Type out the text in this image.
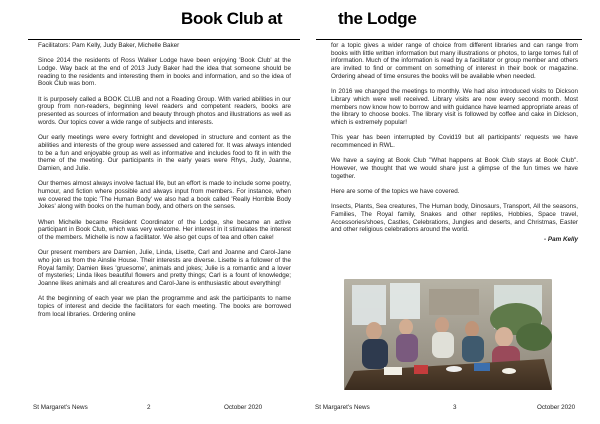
Book Club at	the Lodge

Facilitators: Pam Kelly, Judy Baker, Michelle Baker

Since 2014 the residents of Ross Walker Lodge have been enjoying 'Book Club' at the Lodge. Way back at the end of 2013 Judy Baker had the idea that someone should be reading to the residents and interesting them in books and information, and so the idea of Book Club was born.

It is purposely called a BOOK CLUB and not a Reading Group. With varied abilities in our group from non-readers, beginning level readers and competent readers, books are presented as sources of information and beauty through photos and illustrations as well as words. Our topics cover a wide range of subjects and interests.

Our early meetings were every fortnight and developed in structure and content as the abilities and interests of the group were assessed and catered for. It was always intended to be a fun and enjoyable group as well as informative and includes food to fit in with the theme of the meeting. Our participants in the early years were Rhys, Judy, Joanne, Damien, and Julie.

Our themes almost always involve factual life, but an effort is made to include some poetry, humour, and fiction where possible and always input from members. For instance, when we covered the topic 'The Human Body' we also had a book called 'Really Horrible Body Jokes' along with books on the human body, and others on the senses.

When Michelle became Resident Coordinator of the Lodge, she became an active participant in Book Club, which was very welcome. Her interest in it stimulates the interest of the members. Michelle is now a facilitator. We also get cups of tea and often cake!

Our present members are Damien, Julie, Linda, Lisette, Carl and Joanne and Carol-Jane who join us from the Ainslie House. Their interests are diverse. Lisette is a follower of the Royal family; Damien likes 'gruesome', animals and jokes; Julie is a romantic and a lover of mysteries; Linda likes beautiful flowers and pretty things; Carl is a fount of knowledge; Joanne likes animals and all creatures and Carol-Jane is enthusiastic about everything!

At the beginning of each year we plan the programme and ask the participants to name topics of interest and decide the facilitators for each meeting. The books are borrowed from local libraries. Ordering online

for a topic gives a wider range of choice from different libraries and can range from books with little written information but many illustrations or photos, to large tomes full of information. Much of the information is read by a facilitator or group member and others are invited to find or comment on something of interest in their book or magazine. Ordering ahead of time ensures the books will be available when needed.

In 2016 we changed the meetings to monthly. We had also introduced visits to Dickson Library which were well received. Library visits are now every second month. Most members now know how to borrow and with guidance have learned appropriate areas of the library to choose books. The library visit is followed by coffee and cake in Dickson, which is extremely popular!

This year has been interrupted by Covid19 but all participants' requests we have recommenced in RWL.

We have a saying at Book Club "What happens at Book Club stays at Book Club". However, we thought that we would share just a glimpse of the fun times we have together.

Here are some of the topics we have covered.

Insects, Plants, Sea creatures, The Human body, Dinosaurs, Transport, All the seasons, Families, The Royal family, Snakes and other reptiles, Hobbies, Space travel, Accessories/shoes, Castles, Celebrations, Jungles and deserts, and Christmas, Easter and other religious celebrations around the world.

- Pam Kelly

St Margaret's News	2	October 2020	St Margaret's News	3	October 2020
